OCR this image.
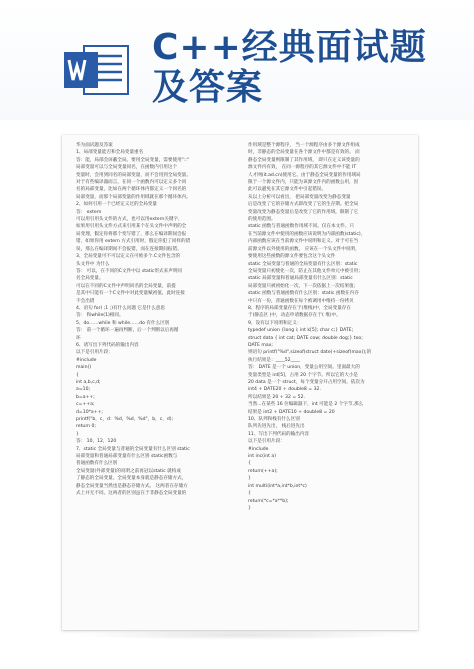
C++经典面试题
及答案
华为面试题及答案
1、局部变量能否和全局变量重名
答：能，局部会屏蔽全局。要用全局变量，需要使用"::"
局部变量可以与全局变量同名，在函数内引用这个
变量时，会用到同名的局部变量，而不会用到全局变量。
对于有些编译器而言，在同一个函数内可以定义多个同
名的局部变量，比如在两个循环体内都定义一个同名的
局部变量，而那个局部变量的作用域就在那个循环体内。
2、如何引用一个已经定义过的全局变量
答： extern
可以用引用头文件的方式，也可以用extern关键字，
如果用引用头文件方式来引用某个在头文件中声明的全
局变理，假定你将那个变写错了，那么在编译期间会报
错，如果你用 extern 方式引用时，假定你犯了同样的错
误，那么在编译期间不会报错，而在连接期间报错。
3、全局变量可不可以定义在可被多个.C文件包含的
头文件中 为什么
答： 可以，在不同的C文件中以 static形式来声明同
名全局变量。
可以在不同的C文件中声明同名的全局变量，前提
是其中只能有一个C文件中对此变量赋初值，此时连接
不会出错
4、语句 for( ;1 ;)有什么问题 它是什么意思
答： 和while(1)相同。
5、do……while 和 while……do 有什么区别
答： 前一个循环一遍再判断，后一个判断以后再循
环
6、请写出下列代码的输出内容
以下是引用片段：
#include
main()
{
int a,b,c,d;
a=10;
b=a++;
c=++a;
d=10*a++;
printf("b，c，d：%d，%d，%d"，b，c，d);
return 0;
}
答： 10，12，120
7、static 全局变量与普通的全局变量有什么区别 static
局部变量和普通局部变量有什么区别 static函数与
普通函数有什么区别
全局变量(外部变量)的说明之前再冠以static 就构成
了静态的全局变量。全局变量本身就是静态存储方式，
静态全局变量当然也是静态存储方式。 这两者在存储方
式上并无不同。这两者的区别虽在于非静态全局变量的
作用域是整个源程序， 当一个源程序由多个源文件组成
时，非静态的全局变量在各个源文件中都是有效的。 而
静态全局变量则限制了其作用域， 即只在定义该变量的
源文件内有效， 在同一源程序的其它源文件中不能 IT
人才网(it.ad.cn)使用它。由于静态全局变量的作用域局
限于一个源文件内，只能为该源文件内的函数公用，因
此可以避免在其它源文件中引起错误。
从以上分析可以看出， 把局部变量改变为静态变量
后是改变了它的存储方式即改变了它的生存期。把全局
变量改变为静态变量后是改变了它的作用域，限制了它
的使用范围。
static 函数与普通函数作用域不同。仅在本文件。只
在当前源文件中使用的函数应该说明为内部函数(static)，
内部函数应该在当前源文件中说明和定义。对于可在当
前源文件以外使用的函数， 应该在一个头文件中说明，
要使用这些函数的源文件要包含这个头文件
static 全局变量与普通的全局变量有什么区别：static
全局变量只初使化一次，防止在其他文件单元中被引用；
static 局部变量和普通局部变量有什么区别：static
局部变量只被初始化一次，下一次依据上一次结果值；
static 函数与普通函数有什么区别：static 函数在内存
中只有一份，普通函数在每个被调用中维持一份拷贝
8、程序的局部变量存在于(堆栈)中，全局变量存在
于(静态区 )中，动态申请数据存在于( 堆)中。
9、设有以下说明和定义：
typedef union {long i; int k[5]; char c;} DATE;
struct data { int cat; DATE cow; double dog;} too;
DATE max;
则语句 printf("%d",sizeof(struct date)+sizeof(max));的
执行结果是：____52____
答： DATE 是一个 union，变量公用空间。里面最大的
变量类型是 int[5]，占用 20 个字节。所以它的大小是
20 data 是一个 struct，每个变量分开占用空间。依次为
int4 + DATE20 + double8 = 32.
所以结果是 20 + 32 = 52.
当然...在某些 16 位编辑器下，int 可能是 2 个字节,那么
结果是 int2 + DATE10 + double8 = 20
10、队列和栈有什么区别
队列先进先出， 栈后进先出
11、写出下列代码的输出内容
以下是引用片段：
#include
int inc(int a)
{
return(++a);
}
int multi(int*a,int*b,int*c)
{
return(*c=*a**b);
}
